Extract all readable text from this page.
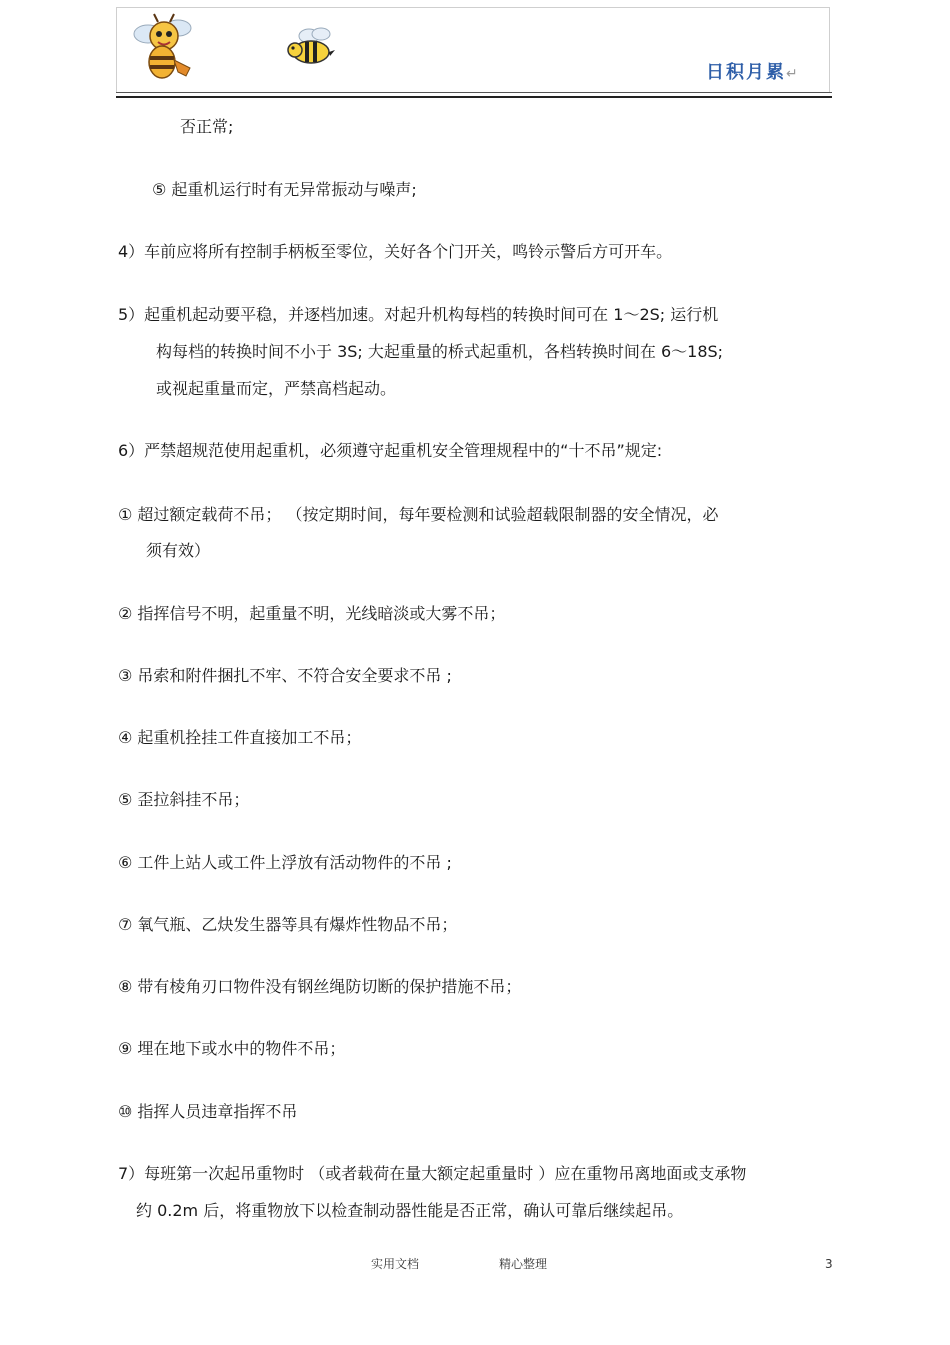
日积月累↵
否正常;
⑤ 起重机运行时有无异常振动与噪声;
4）车前应将所有控制手柄板至零位，关好各个门开关，鸣铃示警后方可开车。
5）起重机起动要平稳，并逐档加速。对起升机构每档的转换时间可在 1～2S; 运行机
构每档的转换时间不小于 3S; 大起重量的桥式起重机，各档转换时间在 6～18S;
或视起重量而定，严禁高档起动。
6）严禁超规范使用起重机，必须遵守起重机安全管理规程中的“十不吊”规定:
① 超过额定载荷不吊； （按定期时间，每年要检测和试验超载限制器的安全情况，必
须有效）
② 指挥信号不明，起重量不明，光线暗淡或大雾不吊；
③ 吊索和附件捆扎不牢、不符合安全要求不吊 ;
④ 起重机拴挂工件直接加工不吊；
⑤ 歪拉斜挂不吊；
⑥ 工件上站人或工件上浮放有活动物件的不吊 ;
⑦ 氧气瓶、乙炔发生器等具有爆炸性物品不吊；
⑧ 带有棱角刃口物件没有钢丝绳防切断的保护措施不吊；
⑨ 埋在地下或水中的物件不吊；
⑩ 指挥人员违章指挥不吊
7）每班第一次起吊重物时 （或者载荷在量大额定起重量时 ）应在重物吊离地面或支承物
约 0.2m 后，将重物放下以检查制动器性能是否正常，确认可靠后继续起吊。
实用文档	精心整理	3
